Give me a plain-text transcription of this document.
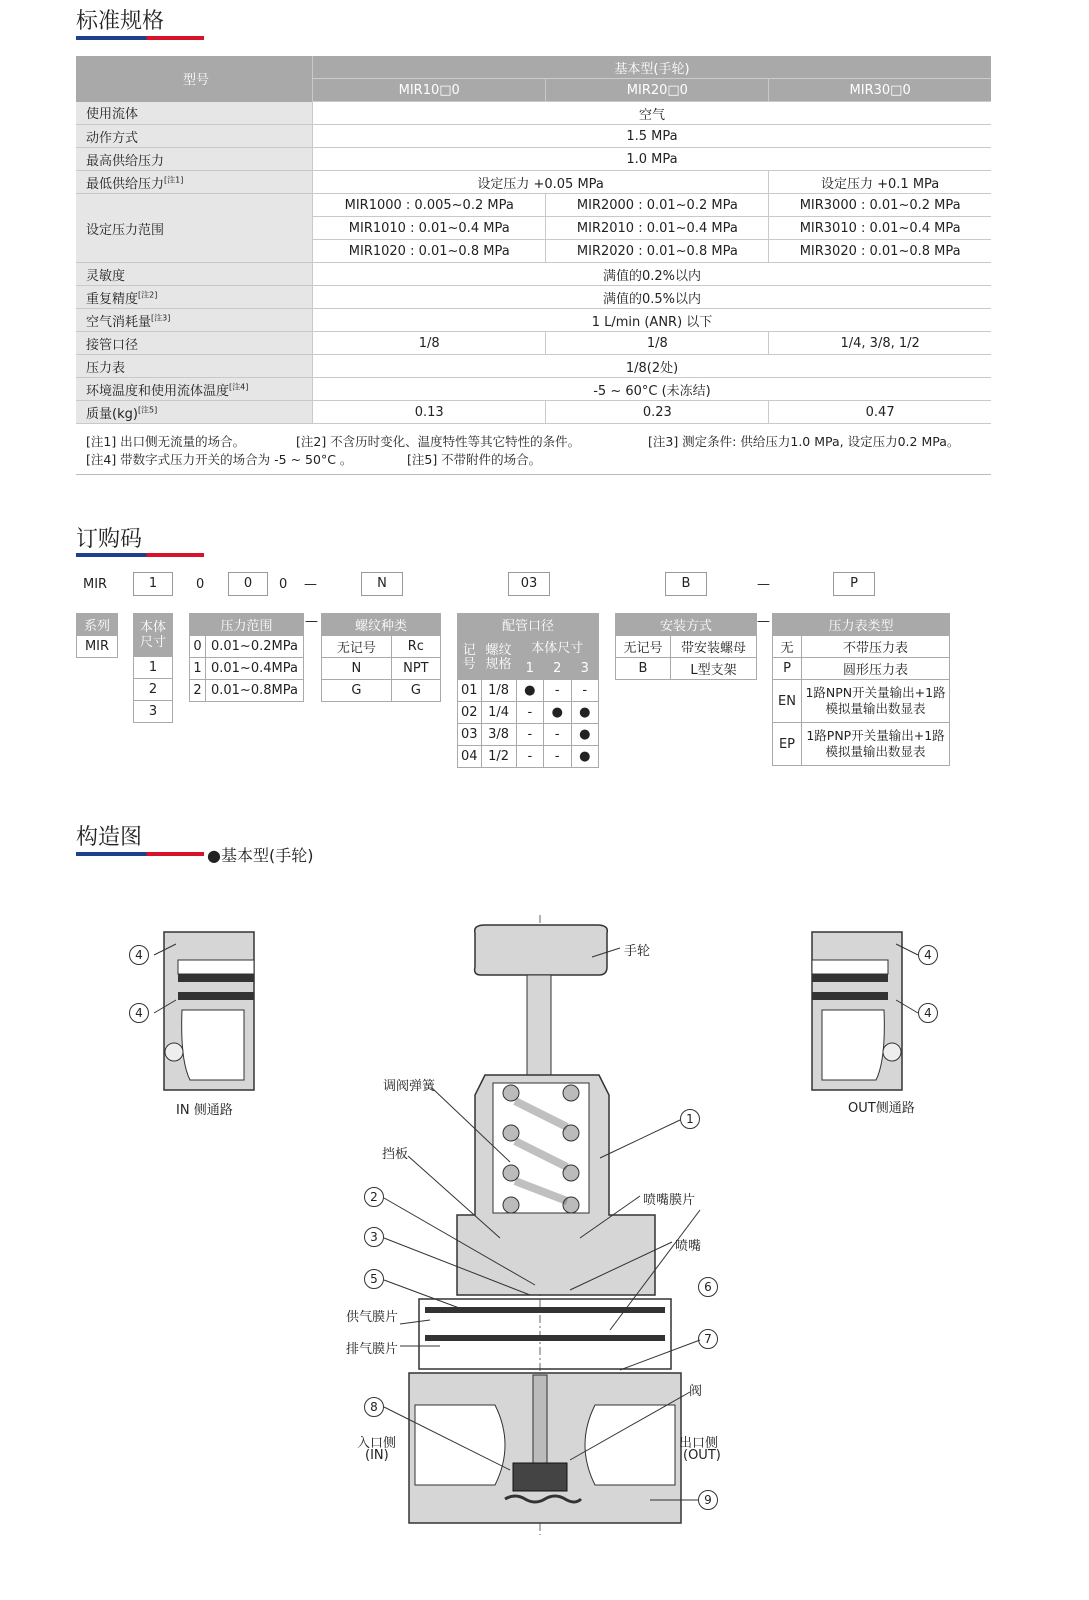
标准规格
型号	基本型(手轮)		
	MIR10□0	MIR20□0	MIR30□0
使用流体	空气		
动作方式	1.5 MPa		
最高供给压力	1.0 MPa		
最低供给压力[注1]	设定压力 +0.05 MPa		设定压力 +0.1 MPa
设定压力范围	MIR1000 : 0.005~0.2 MPa	MIR2000 : 0.01~0.2 MPa	MIR3000 : 0.01~0.2 MPa
	MIR1010 : 0.01~0.4 MPa	MIR2010 : 0.01~0.4 MPa	MIR3010 : 0.01~0.4 MPa
	MIR1020 : 0.01~0.8 MPa	MIR2020 : 0.01~0.8 MPa	MIR3020 : 0.01~0.8 MPa
灵敏度	满值的0.2%以内		
重复精度[注2]	满值的0.5%以内		
空气消耗量[注3]	1 L/min (ANR) 以下		
接管口径	1/8	1/8	1/4, 3/8, 1/2
压力表	1/8(2处)		
环境温度和使用流体温度[注4]	-5 ~ 60°C (未冻结)		
质量(kg)[注5]	0.13	0.23	0.47
[注1] 出口侧无流量的场合。	[注2] 不含历时变化、温度特性等其它特性的条件。	[注3] 测定条件: 供给压力1.0 MPa, 设定压力0.2 MPa。
[注4] 带数字式压力开关的场合为 -5 ~ 50°C 。	[注5] 不带附件的场合。
订购码
MIR	1	0	0	0 —	N	03	B	—	P
系列
MIR
本体尺寸
1
2
3
压力范围	
0	0.01~0.2MPa
1	0.01~0.4MPa
2	0.01~0.8MPa
—	螺纹种类	
无记号	Rc
N	NPT
G	G
配管口径				
记号	螺纹规格	本体尺寸		
		1	2	3
01	1/8	●	-	-
02	1/4	-	●	●
03	3/8	-	-	●
04	1/2	-	-	●
安装方式	
无记号	带安装螺母
B	L型支架
—	压力表类型	
无	不带压力表
P	圆形压力表
EN	1路NPN开关量输出+1路模拟量输出数显表
EP	1路PNP开关量输出+1路模拟量输出数显表
构造图
●基本型(手轮)
4
4
IN 侧通路
4
4
OUT侧通路
手轮
调阀弹簧
挡板
喷嘴膜片
喷嘴
供气膜片
排气膜片
阀
入口侧
(IN)
出口侧
(OUT)
1
2
3
5
6
7
8
9
